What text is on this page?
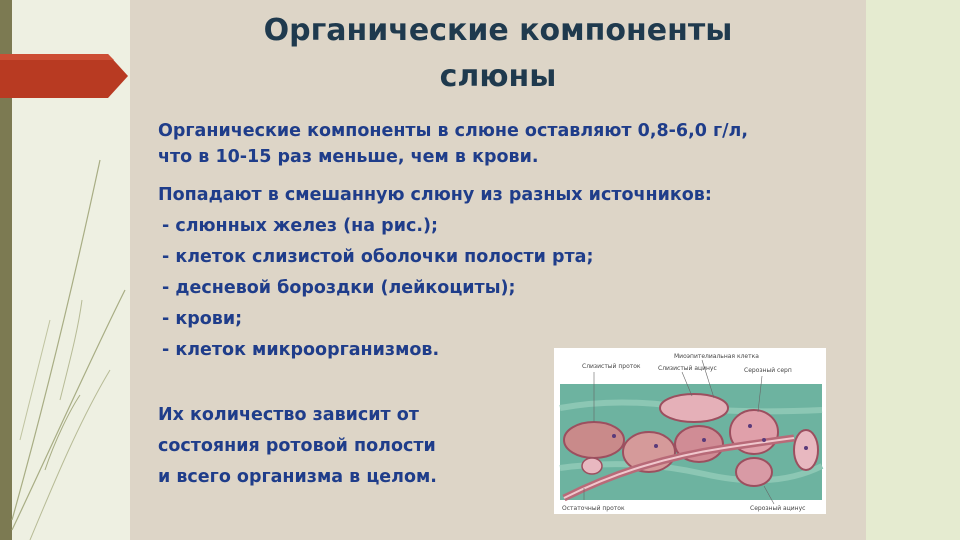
Органические компоненты
слюны

Органические компоненты в слюне оставляют 0,8-6,0 г/л,
что в 10-15 раз меньше, чем в крови.

Попадают в смешанную слюну из разных источников:

- слюнных желез (на рис.);

- клеток слизистой оболочки полости рта;

- десневой бороздки (лейкоциты);

- крови;

- клеток микроорганизмов.

Их количество зависит от

состояния ротовой полости

и всего организма в целом.

Слизистый проток
Миоэпителиальная клетка
Слизистый ацинус	Серозный серп
Остаточный проток	Серозный ацинус
